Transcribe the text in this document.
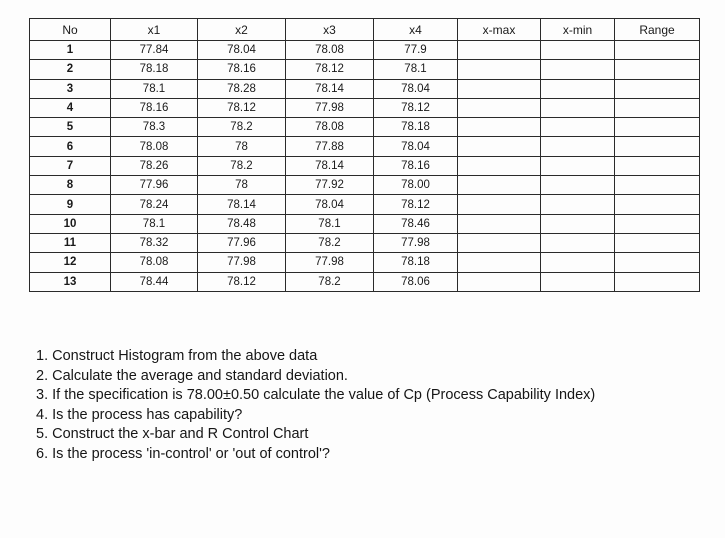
No	x1	x2	x3	x4	x-max	x-min	Range
1	77.84	78.04	78.08	77.9			
2	78.18	78.16	78.12	78.1			
3	78.1	78.28	78.14	78.04			
4	78.16	78.12	77.98	78.12			
5	78.3	78.2	78.08	78.18			
6	78.08	78	77.88	78.04			
7	78.26	78.2	78.14	78.16			
8	77.96	78	77.92	78.00			
9	78.24	78.14	78.04	78.12			
10	78.1	78.48	78.1	78.46			
11	78.32	77.96	78.2	77.98			
12	78.08	77.98	77.98	78.18			
13	78.44	78.12	78.2	78.06			
1. Construct Histogram from the above data
2. Calculate the average and standard deviation.
3. If the specification is 78.00±0.50 calculate the value of Cp (Process Capability Index)
4. Is the process has capability?
5. Construct the x-bar and R Control Chart
6. Is the process 'in-control' or 'out of control'?
